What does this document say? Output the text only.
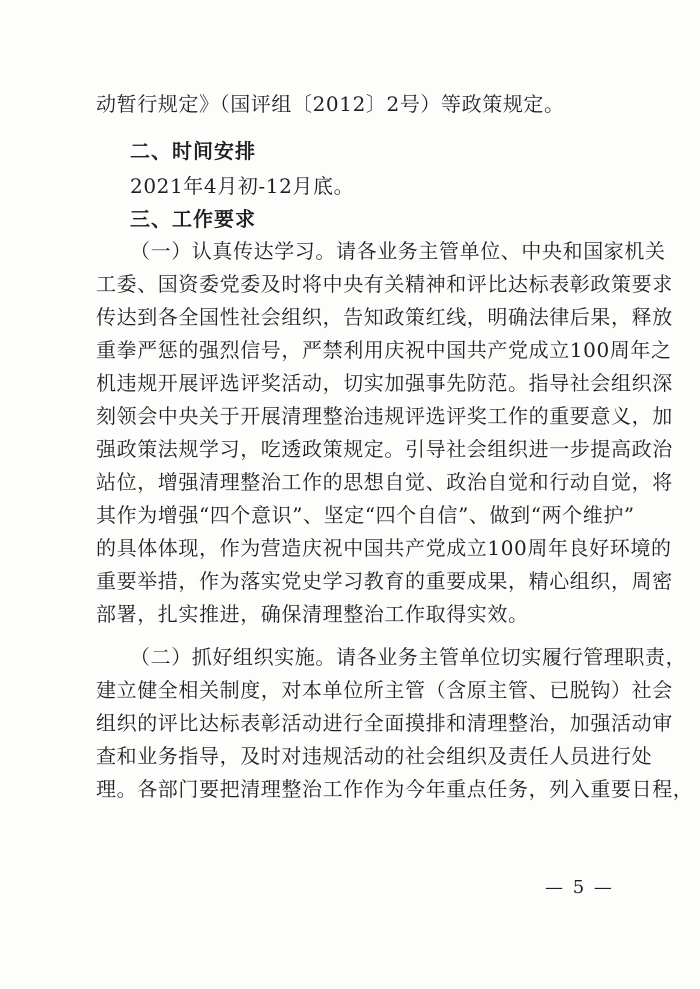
动暂行规定》（国评组〔2012〕2号）等政策规定。
二、时间安排
2021年4月初-12月底。
三、工作要求
（一）认真传达学习。请各业务主管单位、中央和国家机关
工委、国资委党委及时将中央有关精神和评比达标表彰政策要求
传达到各全国性社会组织，告知政策红线，明确法律后果，释放
重拳严惩的强烈信号，严禁利用庆祝中国共产党成立100周年之
机违规开展评选评奖活动，切实加强事先防范。指导社会组织深
刻领会中央关于开展清理整治违规评选评奖工作的重要意义，加
强政策法规学习，吃透政策规定。引导社会组织进一步提高政治
站位，增强清理整治工作的思想自觉、政治自觉和行动自觉，将
其作为增强“四个意识”、坚定“四个自信”、做到“两个维护”
的具体体现，作为营造庆祝中国共产党成立100周年良好环境的
重要举措，作为落实党史学习教育的重要成果，精心组织，周密
部署，扎实推进，确保清理整治工作取得实效。
（二）抓好组织实施。请各业务主管单位切实履行管理职责，
建立健全相关制度，对本单位所主管（含原主管、已脱钩）社会
组织的评比达标表彰活动进行全面摸排和清理整治，加强活动审
查和业务指导，及时对违规活动的社会组织及责任人员进行处
理。各部门要把清理整治工作作为今年重点任务，列入重要日程，
— 5 —
